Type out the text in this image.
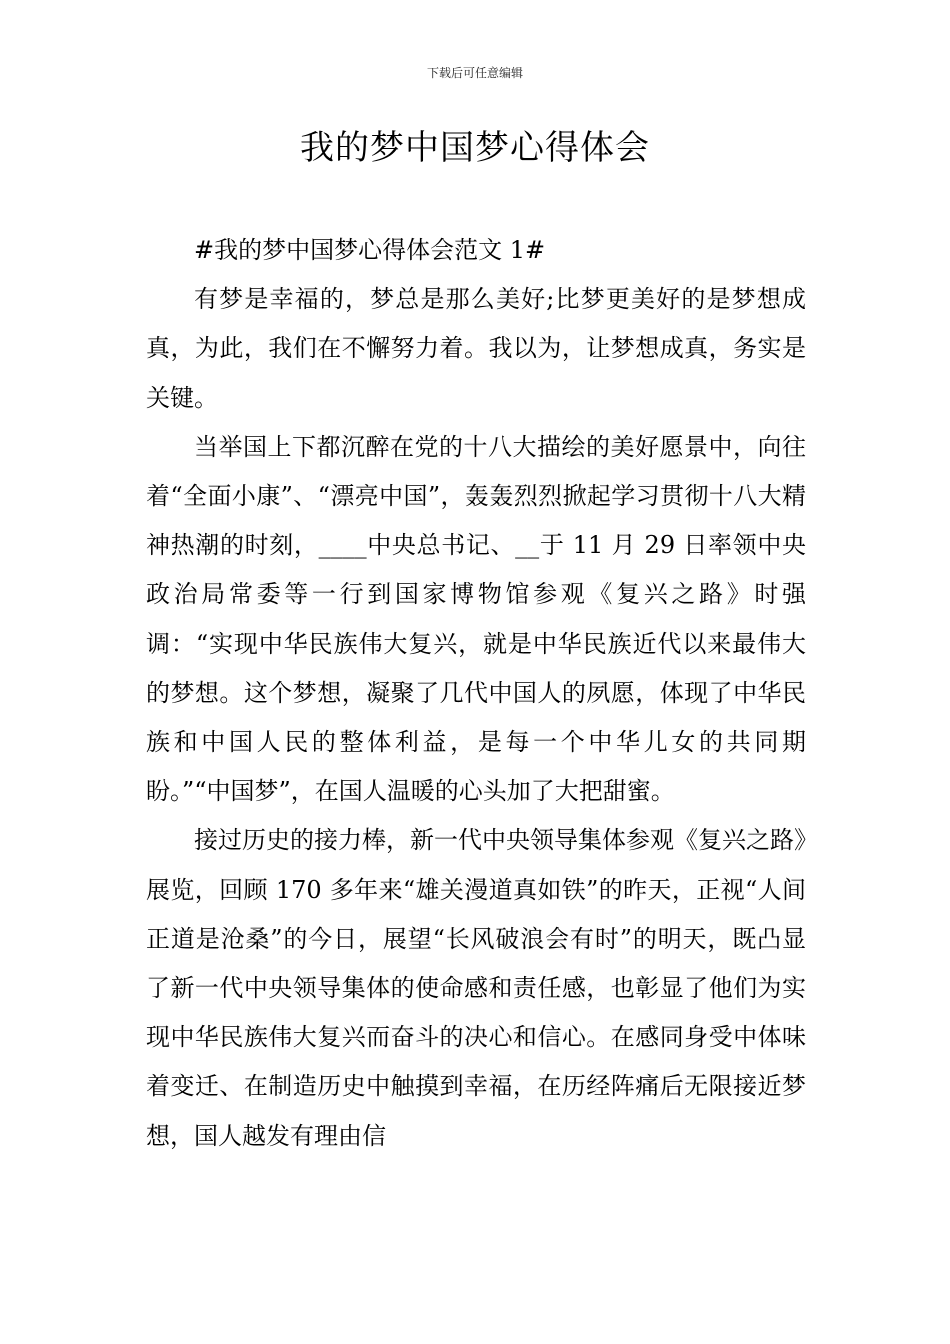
下载后可任意编辑
我的梦中国梦心得体会

#我的梦中国梦心得体会范文 1#

有梦是幸福的，梦总是那么美好;比梦更美好的是梦想成真，为此，我们在不懈努力着。我以为，让梦想成真，务实是关键。

当举国上下都沉醉在党的十八大描绘的美好愿景中，向往着“全面小康”、“漂亮中国”，轰轰烈烈掀起学习贯彻十八大精神热潮的时刻，____中央总书记、__于 11 月 29 日率领中央政治局常委等一行到国家博物馆参观《复兴之路》时强调：“实现中华民族伟大复兴，就是中华民族近代以来最伟大的梦想。这个梦想，凝聚了几代中国人的夙愿，体现了中华民族和中国人民的整体利益，是每一个中华儿女的共同期盼。”“中国梦”，在国人温暖的心头加了大把甜蜜。

接过历史的接力棒，新一代中央领导集体参观《复兴之路》展览，回顾 170 多年来“雄关漫道真如铁”的昨天，正视“人间正道是沧桑”的今日，展望“长风破浪会有时”的明天，既凸显了新一代中央领导集体的使命感和责任感，也彰显了他们为实现中华民族伟大复兴而奋斗的决心和信心。在感同身受中体味着变迁、在制造历史中触摸到幸福，在历经阵痛后无限接近梦想，国人越发有理由信
